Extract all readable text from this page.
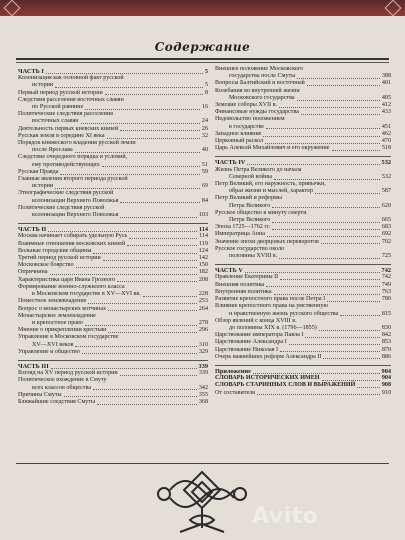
Содержание
ЧАСТЬ I	5
Колонизация как основной факт русской
истории	5
Первый период русской истории	8
Следствия расселения восточных славян
по Русской равнине	16
Политические следствия расселения
восточных славян	24
Деятельность первых киевских князей	26
Русская земля в середине XI века	32
Порядок княжеского владения русской земли
после Ярослава	40
Следствие очередного порядка и условий,
ему противодействующих	51
Русская Правда	59
Главные явления второго периода русской
истории	69
Этнографические следствия русской
колонизации Верхнего Поволжья	84
Политические следствия русской
колонизации Верхнего Поволжья	103
ЧАСТЬ II	114
Москва начинает собирать удельную Русь	114
Взаимные отношения московских князей	119
Вольные городские общины	124
Третий период русской истории	142
Московское боярство	150
Опричнина	182
Характеристика царя Ивана Грозного	208
Формирование военно-служилого класса
в Московском государстве в XV—XVI вв.	228
Поместное землевладение	253
Вопрос о монастырских вотчинах	264
Монастырское землевладение
и крепостное право	278
Мнение о прикреплении крестьян	296
Управление в Московском государстве
XV—XVI веков	310
Управление и общество	329
ЧАСТЬ III	339
Взгляд на XV период русской истории	339
Политическое вхождение в Смуту
всех классов общества	342
Причины Смуты	355
Ближайшие следствия Смуты	368
Внешнее положение Московского
государства после Смуты	388
Вопросы Балтийский и восточный	401
Колебания во внутренней жизни
Московского государства	405
Земские соборы XVII в.	412
Финансовые нужды государства	433
Недовольство положением
в государстве	451
Западное влияние	462
Церковный раскол	470
Царь Алексей Михайлович и его окружение	518
ЧАСТЬ IV	532
Жизнь Петра Великого до начала
Северной войны	532
Петр Великий, его наружность, привычки,
образ жизни и мыслей, характер	587
Петр Великий и реформы
Петра Великого	620
Русское общество в минуту смерти
Петра Великого	665
Эпоха 1725—1762 гг.	683
Императрица Анна	692
Значение эпохи дворцовых переворотов	702
Русское государство около
половины XVIII в.	725
ЧАСТЬ V	742
Правление Екатерины II	742
Внешняя политика	749
Внутренняя политика	763
Развитие крепостного права после Петра I	780
Влияние крепостного права на умственную
и нравственную жизнь русского общества	815
Обзор явлений с конца XVIII в.
до половины XIX в. (1796—1855)	830
Царствование императора Павла I	842
Царствование Александра I	853
Царствование Николая I	870
Очерк важнейших реформ Александра II	886
Приложение	904
СЛОВАРЬ ИСТОРИЧЕСКИХ ИМЕН	904
СЛОВАРЬ СТАРИННЫХ СЛОВ И ВЫРАЖЕНИЙ	908
От составителя	910
Avito
